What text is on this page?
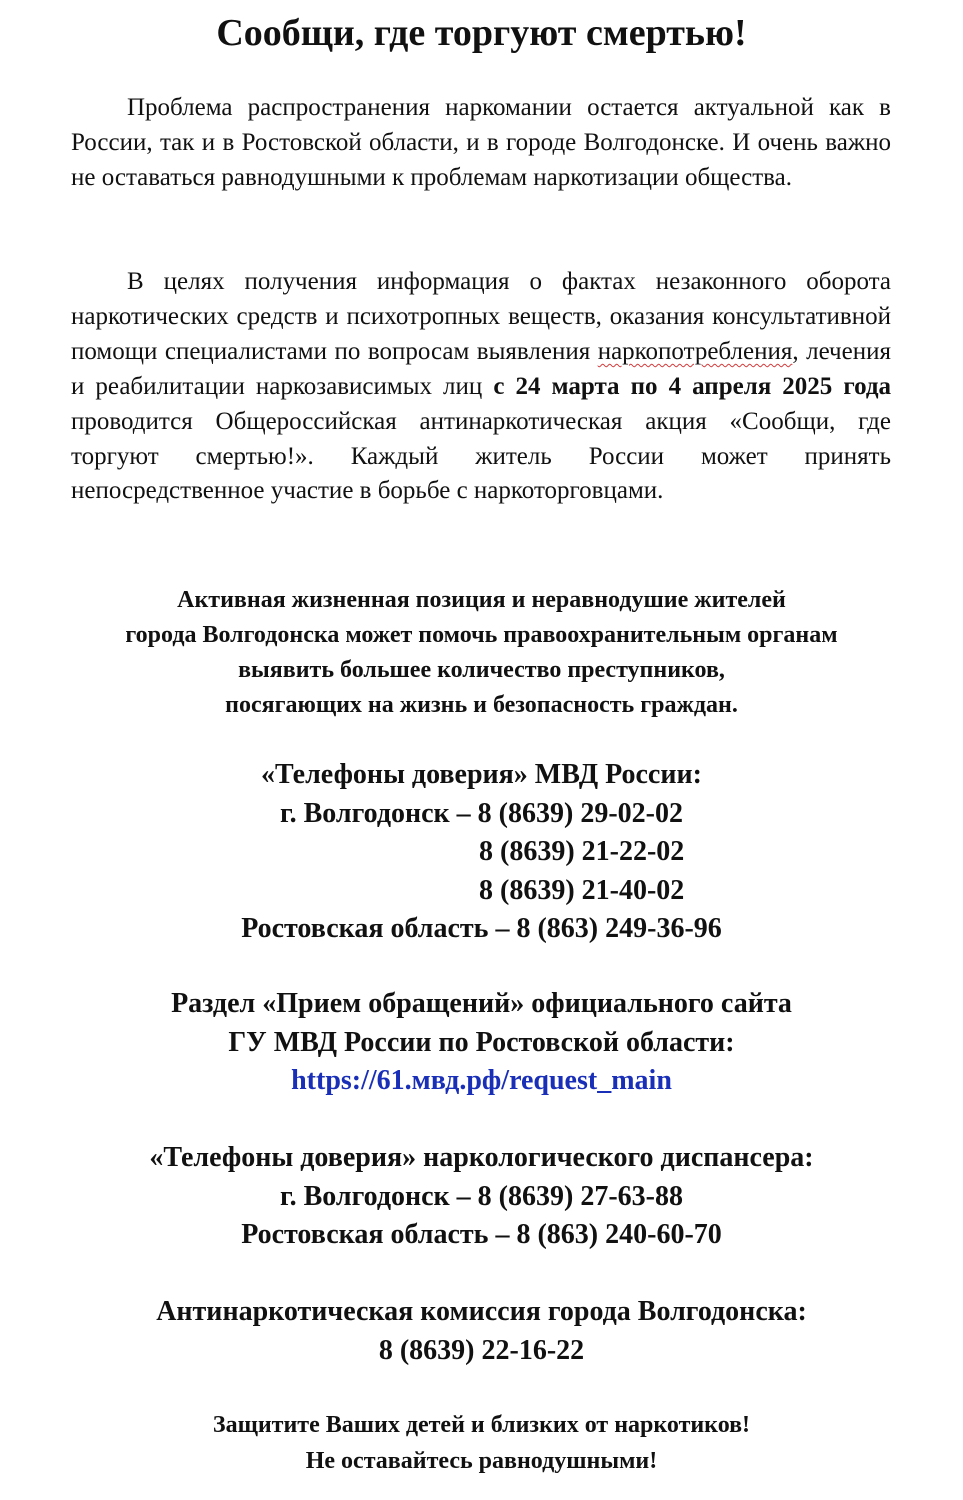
Сообщи, где торгуют смертью!

Проблема распространения наркомании остается актуальной как в России, так и в Ростовской области, и в городе Волгодонске. И очень важно не оставаться равнодушными к проблемам наркотизации общества.

В целях получения информация о фактах незаконного оборота наркотических средств и психотропных веществ, оказания консультативной помощи специалистами по вопросам выявления наркопотребления, лечения и реабилитации наркозависимых лиц с 24 марта по 4 апреля 2025 года проводится Общероссийская антинаркотическая акция «Сообщи, где торгуют смертью!». Каждый житель России может принять непосредственное участие в борьбе с наркоторговцами.

Активная жизненная позиция и неравнодушие жителей
города Волгодонска может помочь правоохранительным органам
выявить большее количество преступников,
посягающих на жизнь и безопасность граждан.
«Телефоны доверия» МВД России:
г. Волгодонск – 8 (8639) 29-02-02
8 (8639) 21-22-02
8 (8639) 21-40-02
Ростовская область – 8 (863) 249-36-96
Раздел «Прием обращений» официального сайта
ГУ МВД России по Ростовской области:
https://61.мвд.рф/request_main
«Телефоны доверия» наркологического диспансера:
г. Волгодонск – 8 (8639) 27-63-88
Ростовская область – 8 (863) 240-60-70
Антинаркотическая комиссия города Волгодонска:
8 (8639) 22-16-22
Защитите Ваших детей и близких от наркотиков!
Не оставайтесь равнодушными!
